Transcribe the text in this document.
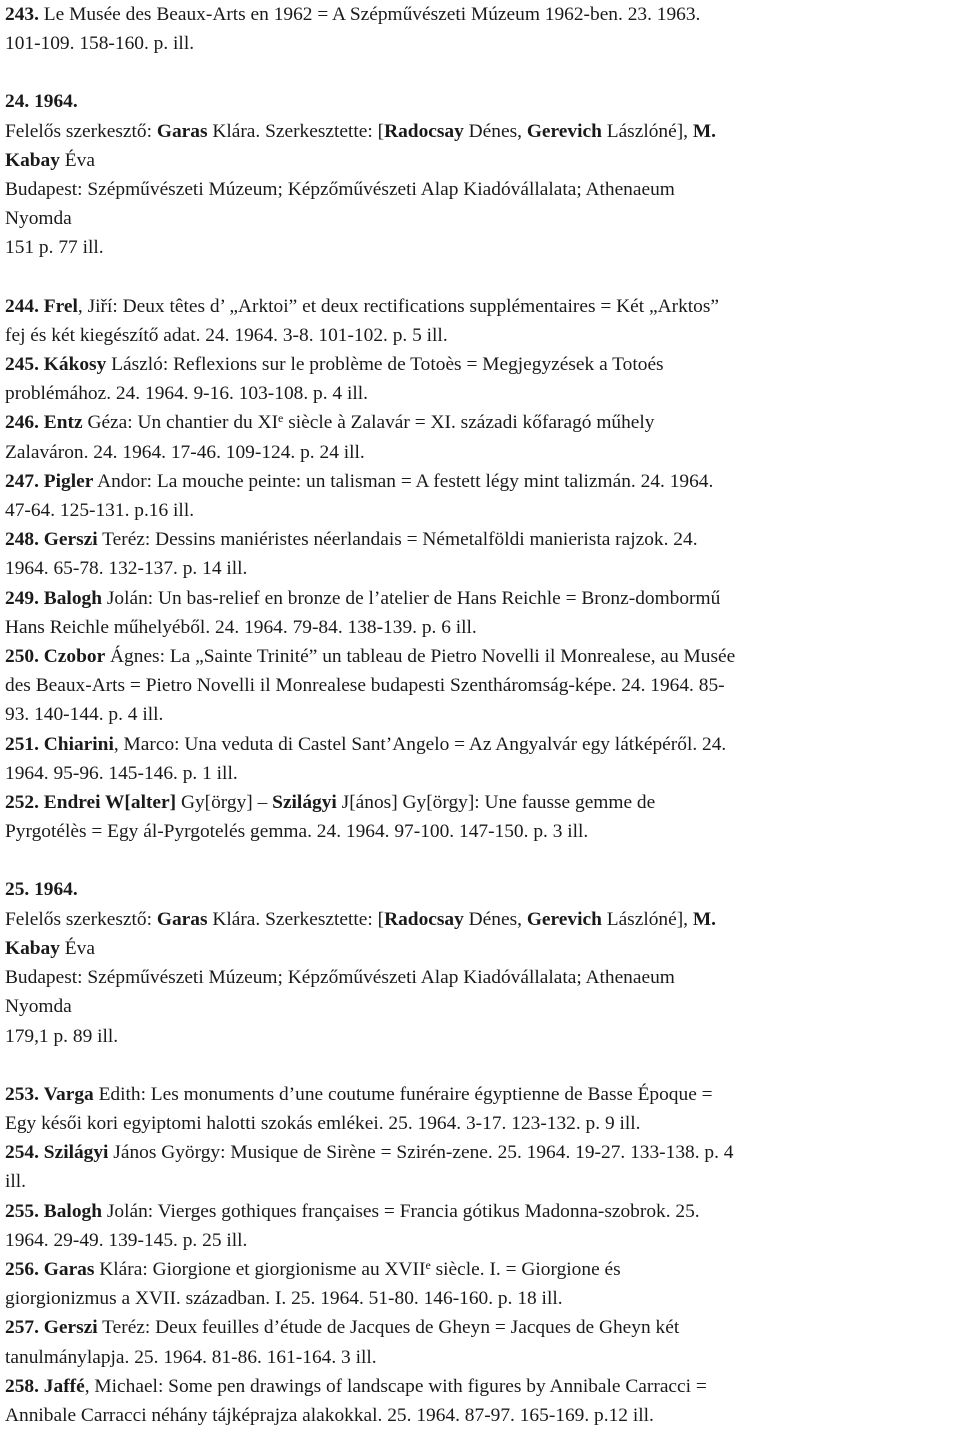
243. Le Musée des Beaux-Arts en 1962 = A Szépművészeti Múzeum 1962-ben. 23. 1963.
101-109. 158-160. p. ill.
24. 1964.
Felelős szerkesztő: Garas Klára. Szerkesztette: [Radocsay Dénes, Gerevich Lászlóné], M.
Kabay Éva
Budapest: Szépművészeti Múzeum; Képzőművészeti Alap Kiadóvállalata; Athenaeum
Nyomda
151 p. 77 ill.
244. Frel, Jiří: Deux têtes d’ „Arktoi” et deux rectifications supplémentaires = Két „Arktos”
fej és két kiegészítő adat. 24. 1964. 3-8. 101-102. p. 5 ill.
245. Kákosy László: Reflexions sur le problème de Totoès = Megjegyzések a Totoés
problémához. 24. 1964. 9-16. 103-108. p. 4 ill.
246. Entz Géza: Un chantier du XIe siècle à Zalavár = XI. századi kőfaragó műhely
Zalaváron. 24. 1964. 17-46. 109-124. p. 24 ill.
247. Pigler Andor: La mouche peinte: un talisman = A festett légy mint talizmán. 24. 1964.
47-64. 125-131. p.16 ill.
248. Gerszi Teréz: Dessins maniéristes néerlandais = Németalföldi manierista rajzok. 24.
1964. 65-78. 132-137. p. 14 ill.
249. Balogh Jolán: Un bas-relief en bronze de l’atelier de Hans Reichle = Bronz-dombormű
Hans Reichle műhelyéből. 24. 1964. 79-84. 138-139. p. 6 ill.
250. Czobor Ágnes: La „Sainte Trinité” un tableau de Pietro Novelli il Monrealese, au Musée
des Beaux-Arts = Pietro Novelli il Monrealese budapesti Szentháromság-képe. 24. 1964. 85-
93. 140-144. p. 4 ill.
251. Chiarini, Marco: Una veduta di Castel Sant’Angelo = Az Angyalvár egy látképéről. 24.
1964. 95-96. 145-146. p. 1 ill.
252. Endrei W[alter] Gy[örgy] – Szilágyi J[ános] Gy[örgy]: Une fausse gemme de
Pyrgotélès = Egy ál-Pyrgotelés gemma. 24. 1964. 97-100. 147-150. p. 3 ill.
25. 1964.
Felelős szerkesztő: Garas Klára. Szerkesztette: [Radocsay Dénes, Gerevich Lászlóné], M.
Kabay Éva
Budapest: Szépművészeti Múzeum; Képzőművészeti Alap Kiadóvállalata; Athenaeum
Nyomda
179,1 p. 89 ill.
253. Varga Edith: Les monuments d’une coutume funéraire égyptienne de Basse Époque =
Egy késői kori egyiptomi halotti szokás emlékei. 25. 1964. 3-17. 123-132. p. 9 ill.
254. Szilágyi János György: Musique de Sirène = Szirén-zene. 25. 1964. 19-27. 133-138. p. 4
ill.
255. Balogh Jolán: Vierges gothiques françaises = Francia gótikus Madonna-szobrok. 25.
1964. 29-49. 139-145. p. 25 ill.
256. Garas Klára: Giorgione et giorgionisme au XVIIe siècle. I. = Giorgione és
giorgionizmus a XVII. században. I. 25. 1964. 51-80. 146-160. p. 18 ill.
257. Gerszi Teréz: Deux feuilles d’étude de Jacques de Gheyn = Jacques de Gheyn két
tanulmánylapja. 25. 1964. 81-86. 161-164. 3 ill.
258. Jaffé, Michael: Some pen drawings of landscape with figures by Annibale Carracci =
Annibale Carracci néhány tájképrajza alakokkal. 25. 1964. 87-97. 165-169. p.12 ill.
